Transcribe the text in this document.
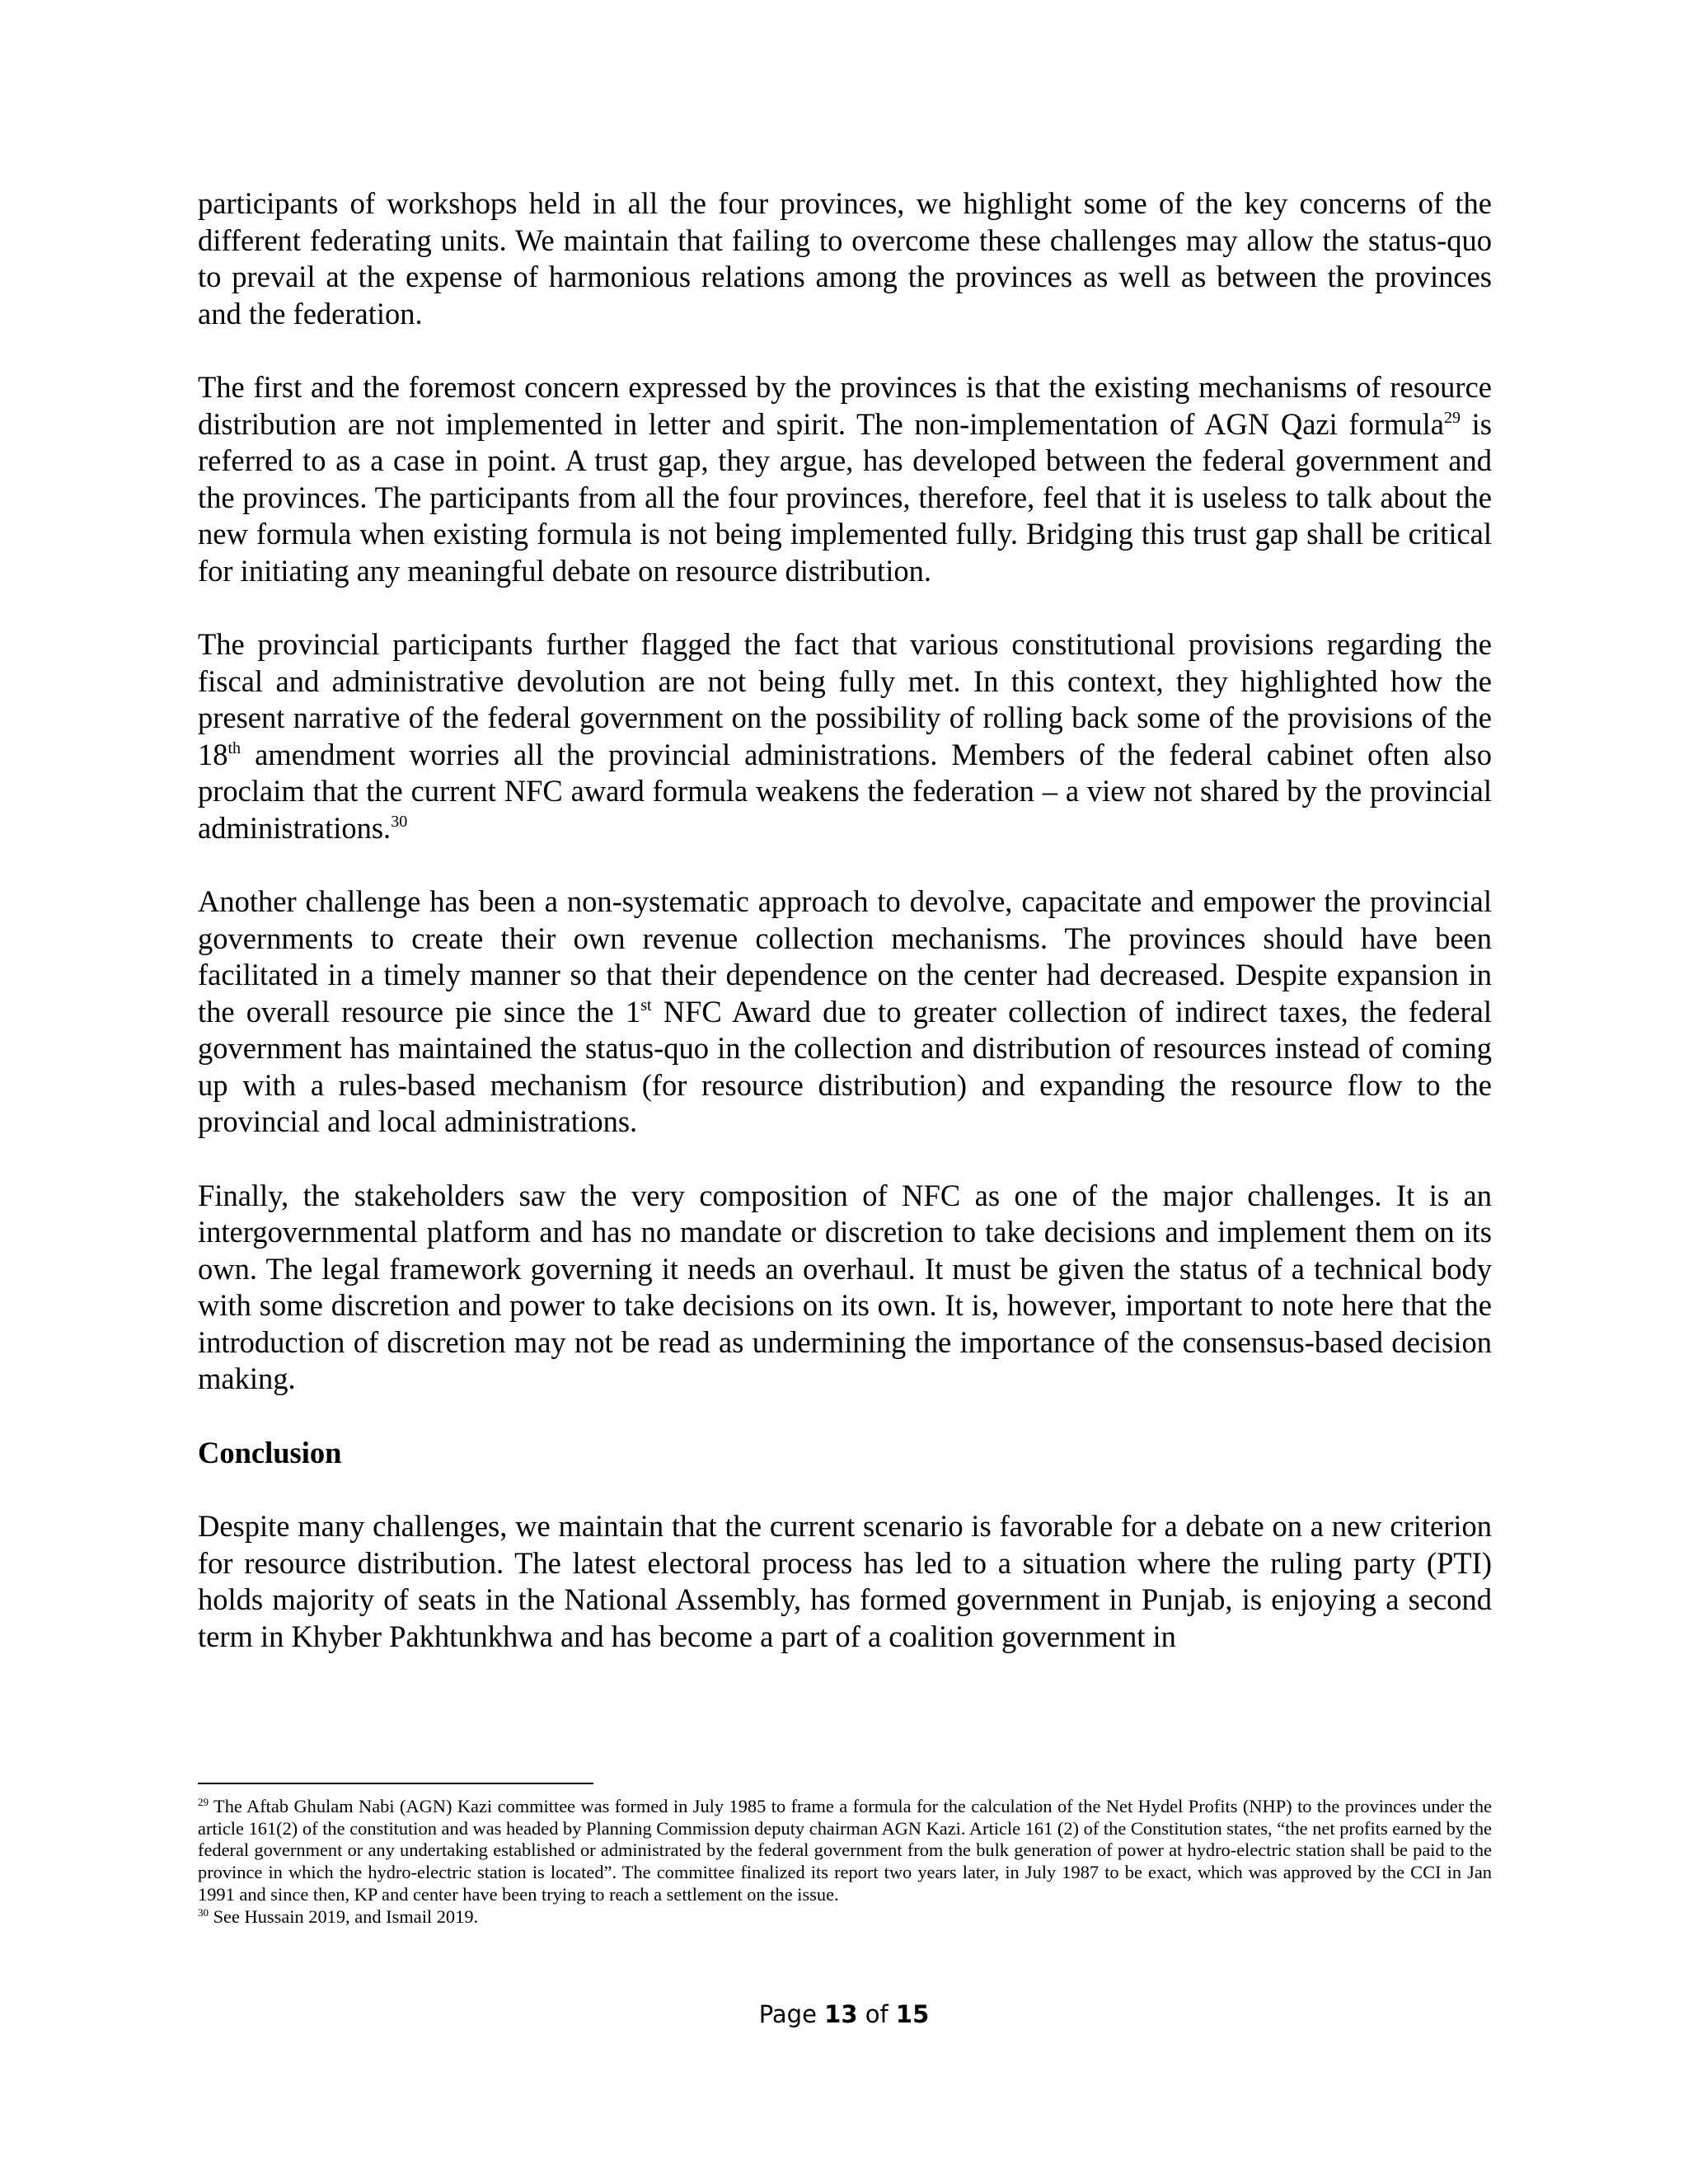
participants of workshops held in all the four provinces, we highlight some of the key concerns of the different federating units. We maintain that failing to overcome these challenges may allow the status-quo to prevail at the expense of harmonious relations among the provinces as well as between the provinces and the federation.

The first and the foremost concern expressed by the provinces is that the existing mechanisms of resource distribution are not implemented in letter and spirit. The non-implementation of AGN Qazi formula$^{29}$ is referred to as a case in point. A trust gap, they argue, has developed between the federal government and the provinces. The participants from all the four provinces, therefore, feel that it is useless to talk about the new formula when existing formula is not being implemented fully. Bridging this trust gap shall be critical for initiating any meaningful debate on resource distribution.

The provincial participants further flagged the fact that various constitutional provisions regarding the fiscal and administrative devolution are not being fully met. In this context, they highlighted how the present narrative of the federal government on the possibility of rolling back some of the provisions of the 18th amendment worries all the provincial administrations. Members of the federal cabinet often also proclaim that the current NFC award formula weakens the federation – a view not shared by the provincial administrations.$^{30}$

Another challenge has been a non-systematic approach to devolve, capacitate and empower the provincial governments to create their own revenue collection mechanisms. The provinces should have been facilitated in a timely manner so that their dependence on the center had decreased. Despite expansion in the overall resource pie since the 1st NFC Award due to greater collection of indirect taxes, the federal government has maintained the status-quo in the collection and distribution of resources instead of coming up with a rules-based mechanism (for resource distribution) and expanding the resource flow to the provincial and local administrations.

Finally, the stakeholders saw the very composition of NFC as one of the major challenges. It is an intergovernmental platform and has no mandate or discretion to take decisions and implement them on its own. The legal framework governing it needs an overhaul. It must be given the status of a technical body with some discretion and power to take decisions on its own. It is, however, important to note here that the introduction of discretion may not be read as undermining the importance of the consensus-based decision making.

Conclusion

Despite many challenges, we maintain that the current scenario is favorable for a debate on a new criterion for resource distribution. The latest electoral process has led to a situation where the ruling party (PTI) holds majority of seats in the National Assembly, has formed government in Punjab, is enjoying a second term in Khyber Pakhtunkhwa and has become a part of a coalition government in

$^{29}$ The Aftab Ghulam Nabi (AGN) Kazi committee was formed in July 1985 to frame a formula for the calculation of the Net Hydel Profits (NHP) to the provinces under the article 161(2) of the constitution and was headed by Planning Commission deputy chairman AGN Kazi. Article 161 (2) of the Constitution states, “the net profits earned by the federal government or any undertaking established or administrated by the federal government from the bulk generation of power at hydro-electric station shall be paid to the province in which the hydro-electric station is located”. The committee finalized its report two years later, in July 1987 to be exact, which was approved by the CCI in Jan 1991 and since then, KP and center have been trying to reach a settlement on the issue.

$^{30}$ See Hussain 2019, and Ismail 2019.

Page 13 of 15
